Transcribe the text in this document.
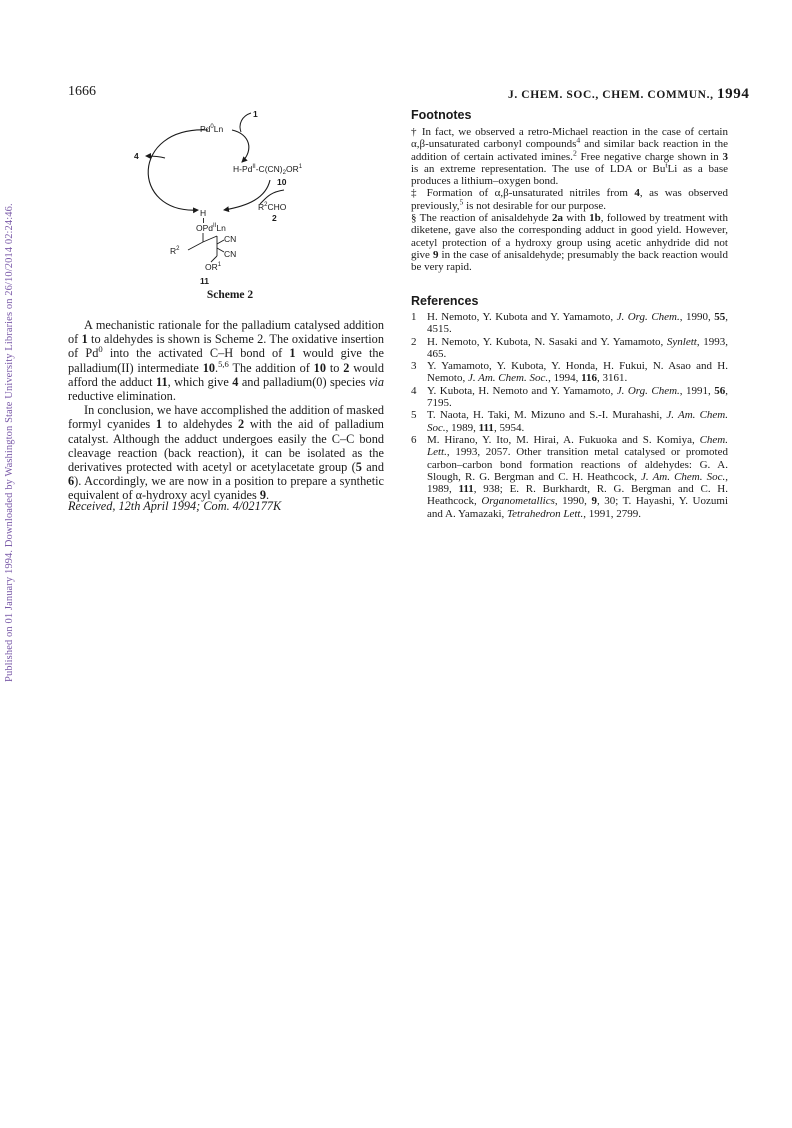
Published on 01 January 1994. Downloaded by Washington State University Libraries on 26/10/2014 02:24:46.
1666	J. CHEM. SOC., CHEM. COMMUN., 1994
Pd$^0$Ln
1
4
$H-Pd^{II}-C(CN)_2OR^1$
10
$R^2CHO$
2
H
OPd$^{II}$Ln
$R^2$
CN
CN
$OR^1$
11
Scheme 2

A mechanistic rationale for the palladium catalysed addition of 1 to aldehydes is shown is Scheme 2. The oxidative insertion of Pd$^0$ into the activated C–H bond of 1 would give the palladium(II) intermediate 10.$^{5,6}$ The addition of 10 to 2 would afford the adduct 11, which give 4 and palladium(0) species via reductive elimination.

In conclusion, we have accomplished the addition of masked formyl cyanides 1 to aldehydes 2 with the aid of palladium catalyst. Although the adduct undergoes easily the C–C bond cleavage reaction (back reaction), it can be isolated as the derivatives protected with acetyl or acetylacetate group (5 and 6). Accordingly, we are now in a position to prepare a synthetic equivalent of α-hydroxy acyl cyanides 9.

Received, 12th April 1994; Com. 4/02177K
Footnotes

† In fact, we observed a retro-Michael reaction in the case of certain α,β-unsaturated carbonyl compounds$^4$ and similar back reaction in the addition of certain activated imines.$^2$ Free negative charge shown in 3 is an extreme representation. The use of LDA or Bu$^t$Li as a base produces a lithium–oxygen bond.

‡ Formation of α,β-unsaturated nitriles from 4, as was observed previously,$^5$ is not desirable for our purpose.

§ The reaction of anisaldehyde 2a with 1b, followed by treatment with diketene, gave also the corresponding adduct in good yield. However, acetyl protection of a hydroxy group using acetic anhydride did not give 9 in the case of anisaldehyde; presumably the back reaction would be very rapid.

References

1 H. Nemoto, Y. Kubota and Y. Yamamoto, J. Org. Chem., 1990, 55, 4515.

2 H. Nemoto, Y. Kubota, N. Sasaki and Y. Yamamoto, Synlett, 1993, 465.

3 Y. Yamamoto, Y. Kubota, Y. Honda, H. Fukui, N. Asao and H. Nemoto, J. Am. Chem. Soc., 1994, 116, 3161.

4 Y. Kubota, H. Nemoto and Y. Yamamoto, J. Org. Chem., 1991, 56, 7195.

5 T. Naota, H. Taki, M. Mizuno and S.-I. Murahashi, J. Am. Chem. Soc., 1989, 111, 5954.

6 M. Hirano, Y. Ito, M. Hirai, A. Fukuoka and S. Komiya, Chem. Lett., 1993, 2057. Other transition metal catalysed or promoted carbon–carbon bond formation reactions of aldehydes: G. A. Slough, R. G. Bergman and C. H. Heathcock, J. Am. Chem. Soc., 1989, 111, 938; E. R. Burkhardt, R. G. Bergman and C. H. Heathcock, Organometallics, 1990, 9, 30; T. Hayashi, Y. Uozumi and A. Yamazaki, Tetrahedron Lett., 1991, 2799.
